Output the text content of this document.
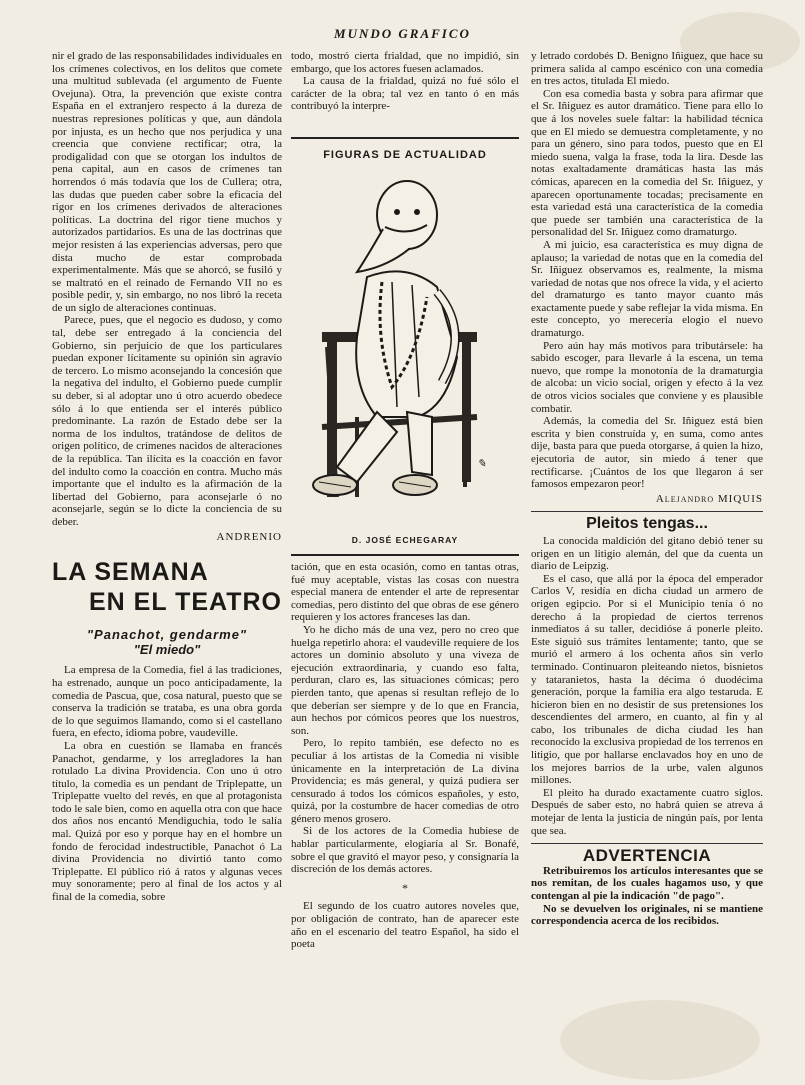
MUNDO GRAFICO

nir el grado de las responsabilidades individuales en los crímenes colectivos, en los delitos que comete una multitud sublevada (el argumento de Fuente Ovejuna). Otra, la prevención que existe contra España en el extranjero respecto á la dureza de nuestras represiones políticas y que, aun dándola por injusta, es un hecho que nos perjudica y una creencia que conviene rectificar; otra, la prodigalidad con que se otorgan los indultos de pena capital, aun en casos de crímenes tan horrendos ó más todavía que los de Cullera; otra, las dudas que pueden caber sobre la eficacia del rigor en los crímenes derivados de alteraciones políticas. La doctrina del rigor tiene muchos y autorizados partidarios. Es una de las doctrinas que mejor resisten á las experiencias adversas, pero que dista mucho de estar comprobada experimentalmente. Más que se ahorcó, se fusiló y se maltrató en el reinado de Fernando VII no es posible pedir, y, sin embargo, no nos libró la receta de un siglo de alteraciones continuas.

Parece, pues, que el negocio es dudoso, y como tal, debe ser entregado á la conciencia del Gobierno, sin perjuicio de que los particulares puedan exponer lícitamente su opinión sin agravio de tercero. Lo mismo aconsejando la concesión que la negativa del indulto, el Gobierno puede cumplir su deber, si al adoptar uno ú otro acuerdo obedece sólo á lo que entienda ser el interés público predominante. La razón de Estado debe ser la norma de los indultos, tratándose de delitos de origen político, de crímenes nacidos de alteraciones de la república. Tan ilícita es la coacción en favor del indulto como la coacción en contra. Mucho más importante que el indulto es la afirmación de la libertad del Gobierno, para aconsejarle ó no aconsejarle, según se lo dicte la conciencia de su deber.

ANDRENIO
LA SEMANA
EN EL TEATRO
"Panachot, gendarme"
"El miedo"

La empresa de la Comedia, fiel á las tradiciones, ha estrenado, aunque un poco anticipadamente, la comedia de Pascua, que, cosa natural, puesto que se conserva la tradición se trataba, es una obra gorda de lo que seguimos llamando, como si el castellano fuera, en efecto, idioma pobre, vaudeville.

La obra en cuestión se llamaba en francés Panachot, gendarme, y los arregladores la han rotulado La divina Providencia. Con uno ú otro título, la comedia es un pendant de Triplepatte, un Triplepatte vuelto del revés, en que al protagonista todo le sale bien, como en aquella otra con que hace dos años nos encantó Mendiguchia, todo le salía mal. Quizá por eso y porque hay en el hombre un fondo de ferocidad indestructible, Panachot ó La divina Providencia no divirtió tanto como Triplepatte. El público rió á ratos y algunas veces muy sonoramente; pero al final de los actos y al final de la comedia, sobre

todo, mostró cierta frialdad, que no impidió, sin embargo, que los actores fuesen aclamados.

La causa de la frialdad, quizá no fué sólo el carácter de la obra; tal vez en tanto ó en más contribuyó la interpre-

FIGURAS DE ACTUALIDAD
✎
D. JOSÉ ECHEGARAY

tación, que en esta ocasión, como en tantas otras, fué muy aceptable, vistas las cosas con nuestra especial manera de entender el arte de representar comedias, pero distinto del que obras de ese género requieren y los actores franceses las dan.

Yo he dicho más de una vez, pero no creo que huelga repetirlo ahora: el vaudeville requiere de los actores un dominio absoluto y una viveza de ejecución extraordinaria, y cuando eso falta, perduran, claro es, las situaciones cómicas; pero pierden tanto, que apenas si resultan reflejo de lo que deberían ser siempre y de lo que en Francia, aun hechos por cómicos peores que los nuestros, son.

Pero, lo repito también, ese defecto no es peculiar á los artistas de la Comedia ni visible únicamente en la interpretación de La divina Providencia; es más general, y quizá pudiera ser censurado á todos los cómicos españoles, y esto, quizá, por la costumbre de hacer comedias de otro género menos grosero.

Si de los actores de la Comedia hubiese de hablar particularmente, elogiaría al Sr. Bonafé, sobre el que gravitó el mayor peso, y consignaría la discreción de los demás actores.

*

El segundo de los cuatro autores noveles que, por obligación de contrato, han de aparecer este año en el escenario del teatro Español, ha sido el poeta

y letrado cordobés D. Benigno Iñiguez, que hace su primera salida al campo escénico con una comedia en tres actos, titulada El miedo.

Con esa comedia basta y sobra para afirmar que el Sr. Iñiguez es autor dramático. Tiene para ello lo que á los noveles suele faltar: la habilidad técnica que en El miedo se demuestra completamente, y no para un género, sino para todos, puesto que en El miedo suena, valga la frase, toda la lira. Desde las notas exaltadamente dramáticas hasta las más cómicas, aparecen en la comedia del Sr. Iñiguez, y aparecen oportunamente tocadas; precisamente en esta variedad está una característica de la comedia que puede ser también una característica de la personalidad del Sr. Iñiguez como dramaturgo.

A mi juicio, esa característica es muy digna de aplauso; la variedad de notas que en la comedia del Sr. Iñiguez observamos es, realmente, la misma variedad de notas que nos ofrece la vida, y el acierto del dramaturgo es tanto mayor cuanto más exactamente puede y sabe reflejar la vida misma. En este concepto, yo merecería elogio el nuevo dramaturgo.

Pero aún hay más motivos para tributársele: ha sabido escoger, para llevarle á la escena, un tema nuevo, que rompe la monotonía de la dramaturgia de alcoba: un vicio social, origen y efecto á la vez de otros vicios sociales que conviene y es plausible combatir.

Además, la comedia del Sr. Iñiguez está bien escrita y bien construída y, en suma, como antes dije, basta para que pueda otorgarse, á quien la hizo, ejecutoria de autor, sin miedo á tener que rectificarse. ¡Cuántos de los que llegaron á ser famosos empezaron peor!

Alejandro MIQUIS
Pleitos tengas...

La conocida maldición del gitano debió tener su origen en un litigio alemán, del que da cuenta un diario de Leipzig.

Es el caso, que allá por la época del emperador Carlos V, residía en dicha ciudad un armero de origen egipcio. Por si el Municipio tenía ó no derecho á la propiedad de ciertos terrenos inmediatos á su taller, decidióse á ponerle pleito. Este siguió sus trámites lentamente; tanto, que se murió el armero á los ochenta años sin verlo terminado. Continuaron pleiteando nietos, bisnietos y tataranietos, hasta la décima ó duodécima generación, porque la familia era algo testaruda. E hicieron bien en no desistir de sus pretensiones los descendientes del armero, en cuanto, al fin y al cabo, los tribunales de dicha ciudad les han reconocido la exclusiva propiedad de los terrenos en litigio, que por hallarse enclavados hoy en uno de los mejores barrios de la urbe, valen algunos millones.

El pleito ha durado exactamente cuatro siglos. Después de saber esto, no habrá quien se atreva á motejar de lenta la justicia de ningún país, por lenta que sea.

ADVERTENCIA

Retribuiremos los artículos interesantes que se nos remitan, de los cuales hagamos uso, y que contengan al pie la indicación "de pago".

No se devuelven los originales, ni se mantiene correspondencia acerca de los recibidos.
